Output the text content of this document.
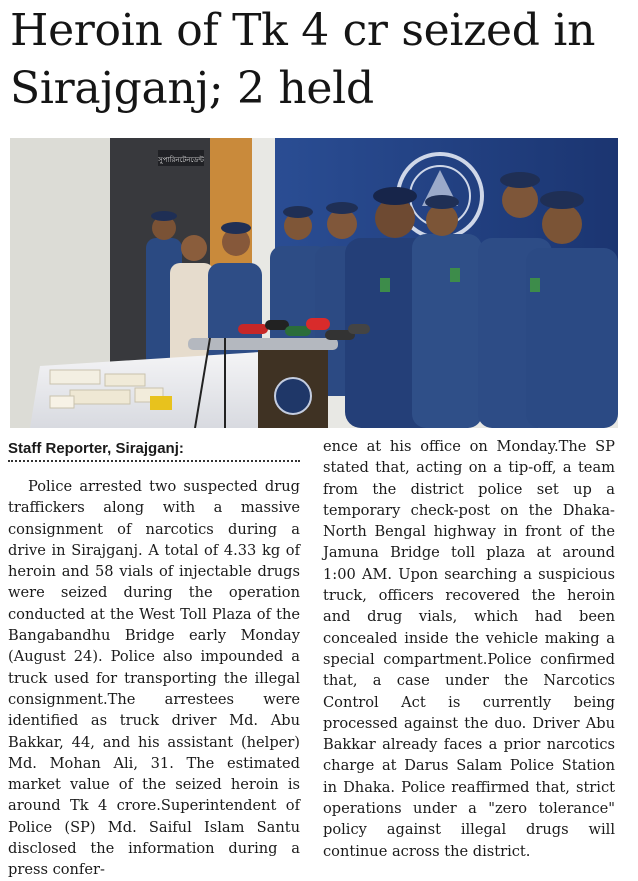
Heroin of Tk 4 cr seized in Sirajganj; 2 held
সুপারিনটেনডেন্ট
Staff Reporter, Sirajganj:
Police arrested two suspected drug traffickers along with a massive consignment of narcotics during a drive in Sirajganj. A total of 4.33 kg of heroin and 58 vials of injectable drugs were seized during the operation conducted at the West Toll Plaza of the Bangabandhu Bridge early Monday (August 24). Police also impounded a truck used for transporting the illegal consignment.The arrestees were identified as truck driver Md. Abu Bakkar, 44, and his assistant (helper) Md. Mohan Ali, 31. The estimated market value of the seized heroin is around Tk 4 crore.Superintendent of Police (SP) Md. Saiful Islam Santu disclosed the information during a press confer-
ence at his office on Monday.The SP stated that, acting on a tip-off, a team from the district police set up a temporary check-post on the Dhaka-North Bengal highway in front of the Jamuna Bridge toll plaza at around 1:00 AM. Upon searching a suspicious truck, officers recovered the heroin and drug vials, which had been concealed inside the vehicle making a special compartment.Police confirmed that, a case under the Narcotics Control Act is currently being processed against the duo. Driver Abu Bakkar already faces a prior narcotics charge at Darus Salam Police Station in Dhaka. Police reaffirmed that, strict operations under a "zero tolerance" policy against illegal drugs will continue across the district.
